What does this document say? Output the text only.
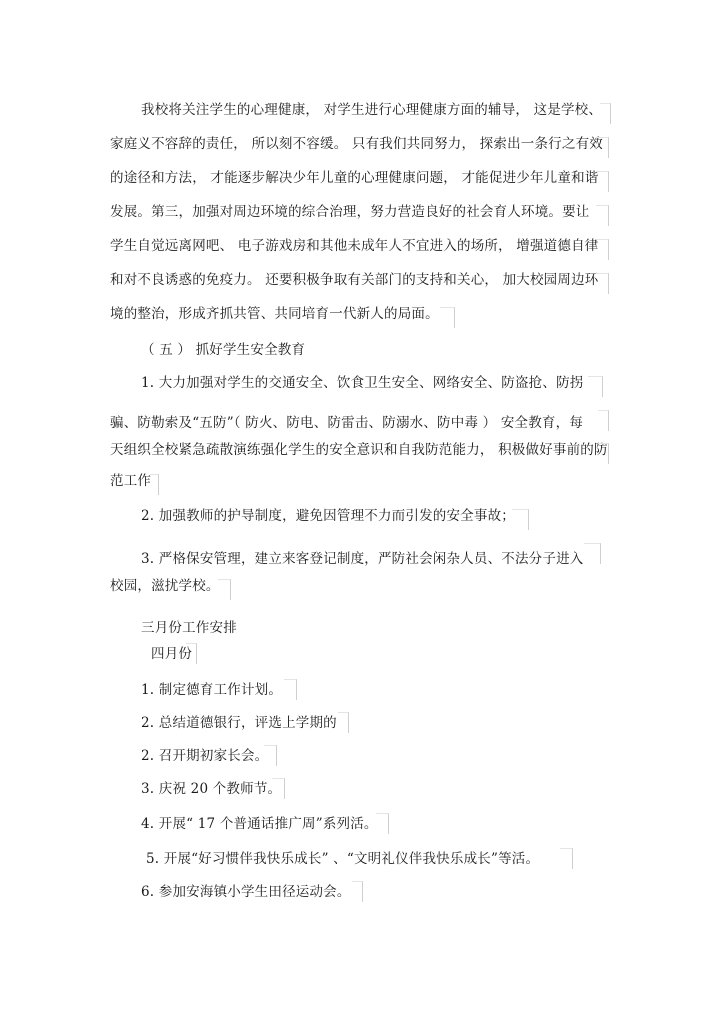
我校将关注学生的心理健康， 对学生进行心理健康方面的辅导， 这是学校、
家庭义不容辞的责任， 所以刻不容缓。 只有我们共同努力， 探索出一条行之有效
的途径和方法， 才能逐步解决少年儿童的心理健康问题， 才能促进少年儿童和谐
发展。第三，加强对周边环境的综合治理，努力营造良好的社会育人环境。要让
学生自觉远离网吧、 电子游戏房和其他未成年人不宜进入的场所， 增强道德自律
和对不良诱惑的免疫力。 还要积极争取有关部门的支持和关心， 加大校园周边环
境的整治，形成齐抓共管、共同培育一代新人的局面。
（ 五 ） 抓好学生安全教育
1. 大力加强对学生的交通安全、饮食卫生安全、网络安全、防盗抢、防拐
骗、防勒索及“五防”（ 防火、防电、防雷击、防溺水、防中毒 ） 安全教育，每
天组织全校紧急疏散演练强化学生的安全意识和自我防范能力， 积极做好事前的防
范工作
2. 加强教师的护导制度，避免因管理不力而引发的安全事故；
3. 严格保安管理，建立来客登记制度，严防社会闲杂人员、不法分子进入
校园，滋扰学校。
三月份工作安排
四月份
1. 制定德育工作计划。
2. 总结道德银行，评选上学期的
2. 召开期初家长会。
3. 庆祝 20 个教师节。
4. 开展“ 17 个普通话推广周”系列活。
5. 开展“好习惯伴我快乐成长” 、“文明礼仪伴我快乐成长”等活。
6. 参加安海镇小学生田径运动会。
